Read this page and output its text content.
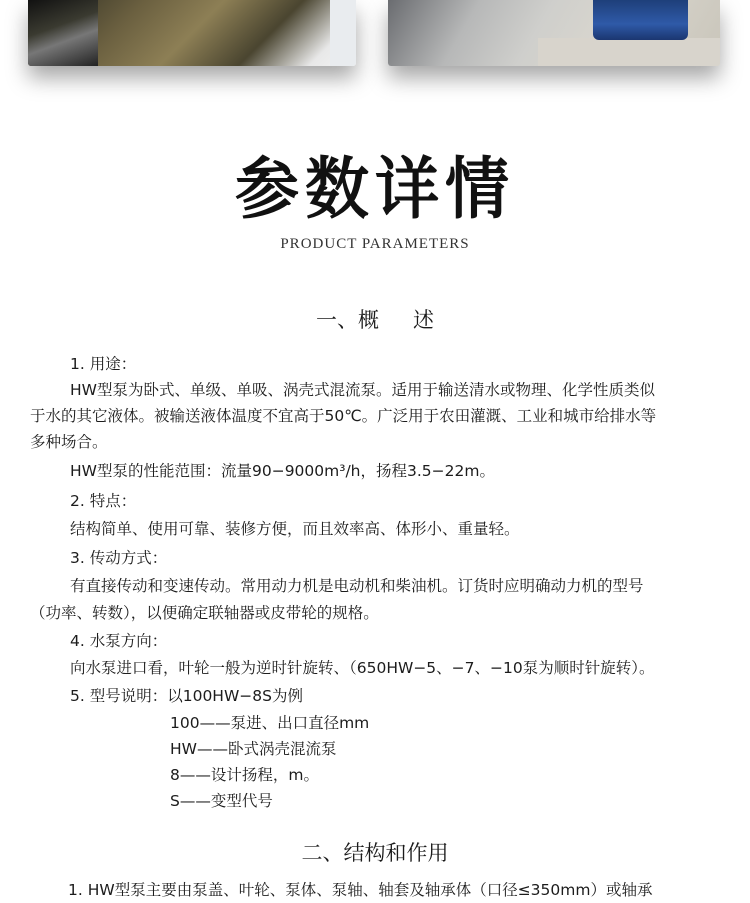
参数详情
PRODUCT PARAMETERS
一、概 述
1. 用途：
HW型泵为卧式、单级、单吸、涡壳式混流泵。适用于输送清水或物理、化学性质类似
于水的其它液体。被输送液体温度不宜高于50℃。广泛用于农田灌溉、工业和城市给排水等
多种场合。
HW型泵的性能范围：流量90−9000m³/h，扬程3.5−22m。
2. 特点：
结构简单、使用可靠、装修方便，而且效率高、体形小、重量轻。
3. 传动方式：
有直接传动和变速传动。常用动力机是电动机和柴油机。订货时应明确动力机的型号
（功率、转数），以便确定联轴器或皮带轮的规格。
4. 水泵方向：
向水泵进口看，叶轮一般为逆时针旋转、（650HW−5、−7、−10泵为顺时针旋转）。
5. 型号说明：以100HW−8S为例
100——泵进、出口直径mm
HW——卧式涡壳混流泵
8——设计扬程，m。
S——变型代号
二、结构和作用
1. HW型泵主要由泵盖、叶轮、泵体、泵轴、轴套及轴承体（口径≤350mm）或轴承
